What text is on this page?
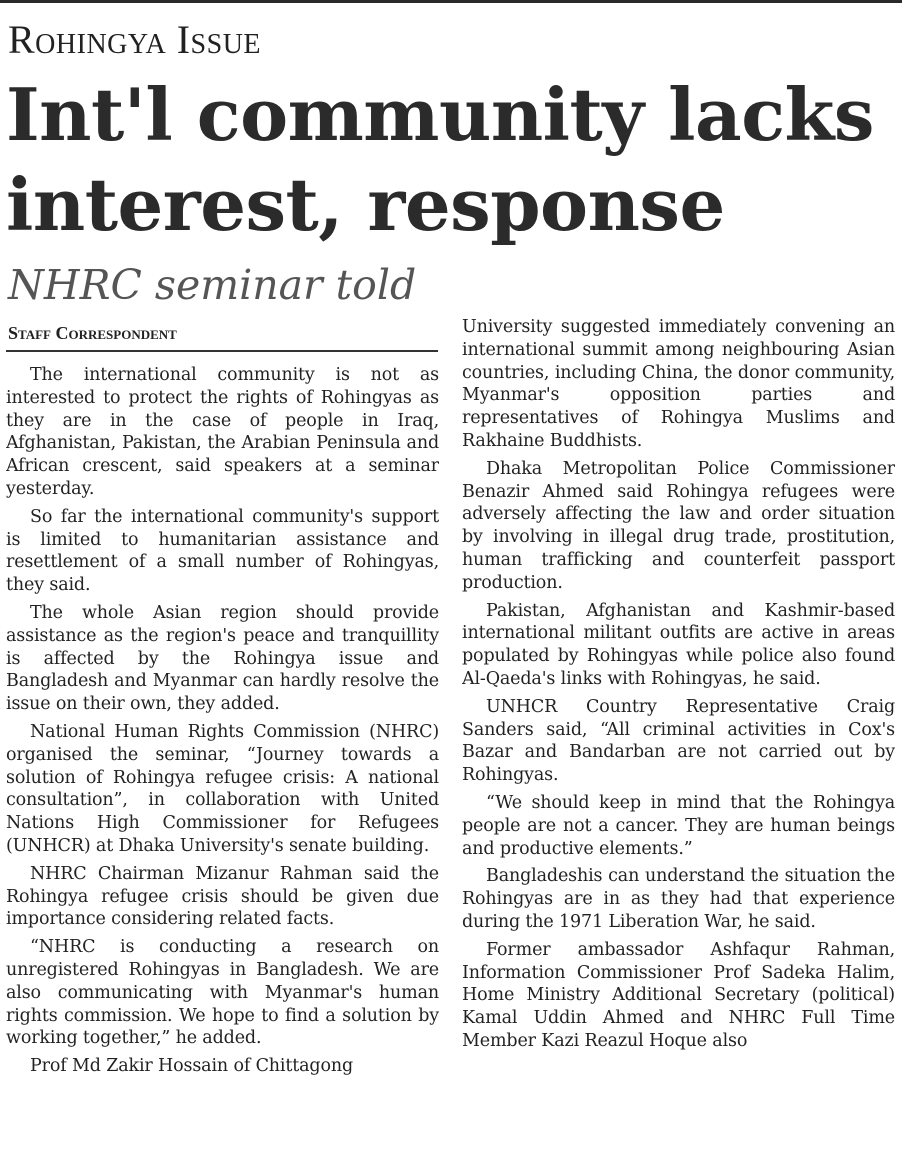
Rohingya Issue
Int'l community lacks interest, response
NHRC seminar told
Staff Correspondent

The international community is not as interested to protect the rights of Rohingyas as they are in the case of people in Iraq, Afghanistan, Pakistan, the Arabian Peninsula and African crescent, said speakers at a seminar yesterday.

So far the international community's support is limited to humanitarian assistance and resettlement of a small number of Rohingyas, they said.

The whole Asian region should provide assistance as the region's peace and tranquillity is affected by the Rohingya issue and Bangladesh and Myanmar can hardly resolve the issue on their own, they added.

National Human Rights Commission (NHRC) organised the seminar, “Journey towards a solution of Rohingya refugee crisis: A national consultation”, in collaboration with United Nations High Commissioner for Refugees (UNHCR) at Dhaka University's senate building.

NHRC Chairman Mizanur Rahman said the Rohingya refugee crisis should be given due importance considering related facts.

“NHRC is conducting a research on unregistered Rohingyas in Bangladesh. We are also communicating with Myanmar's human rights commission. We hope to find a solution by working together,” he added.

Prof Md Zakir Hossain of Chittagong

University suggested immediately convening an international summit among neighbouring Asian countries, including China, the donor community, Myanmar's opposition parties and representatives of Rohingya Muslims and Rakhaine Buddhists.

Dhaka Metropolitan Police Commissioner Benazir Ahmed said Rohingya refugees were adversely affecting the law and order situation by involving in illegal drug trade, prostitution, human trafficking and counterfeit passport production.

Pakistan, Afghanistan and Kashmir-based international militant outfits are active in areas populated by Rohingyas while police also found Al-Qaeda's links with Rohingyas, he said.

UNHCR Country Representative Craig Sanders said, “All criminal activities in Cox's Bazar and Bandarban are not carried out by Rohingyas.

“We should keep in mind that the Rohingya people are not a cancer. They are human beings and productive elements.”

Bangladeshis can understand the situation the Rohingyas are in as they had that experience during the 1971 Liberation War, he said.

Former ambassador Ashfaqur Rahman, Information Commissioner Prof Sadeka Halim, Home Ministry Additional Secretary (political) Kamal Uddin Ahmed and NHRC Full Time Member Kazi Reazul Hoque also
